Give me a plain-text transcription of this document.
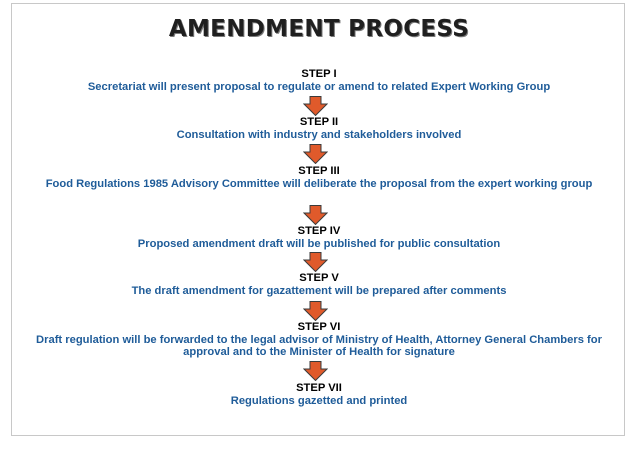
AMENDMENT PROCESS
STEP I
Secretariat will present proposal to regulate or amend to related Expert Working Group
STEP II
Consultation with industry and stakeholders involved
STEP III
Food Regulations 1985 Advisory Committee will deliberate the proposal from the expert working group
STEP IV
Proposed amendment draft will be published for public consultation
STEP V
The draft amendment for gazattement will be prepared after comments
STEP VI
Draft regulation will be forwarded to the legal advisor of Ministry of Health, Attorney General Chambers for approval and to the Minister of Health for signature
STEP VII
Regulations gazetted and printed
